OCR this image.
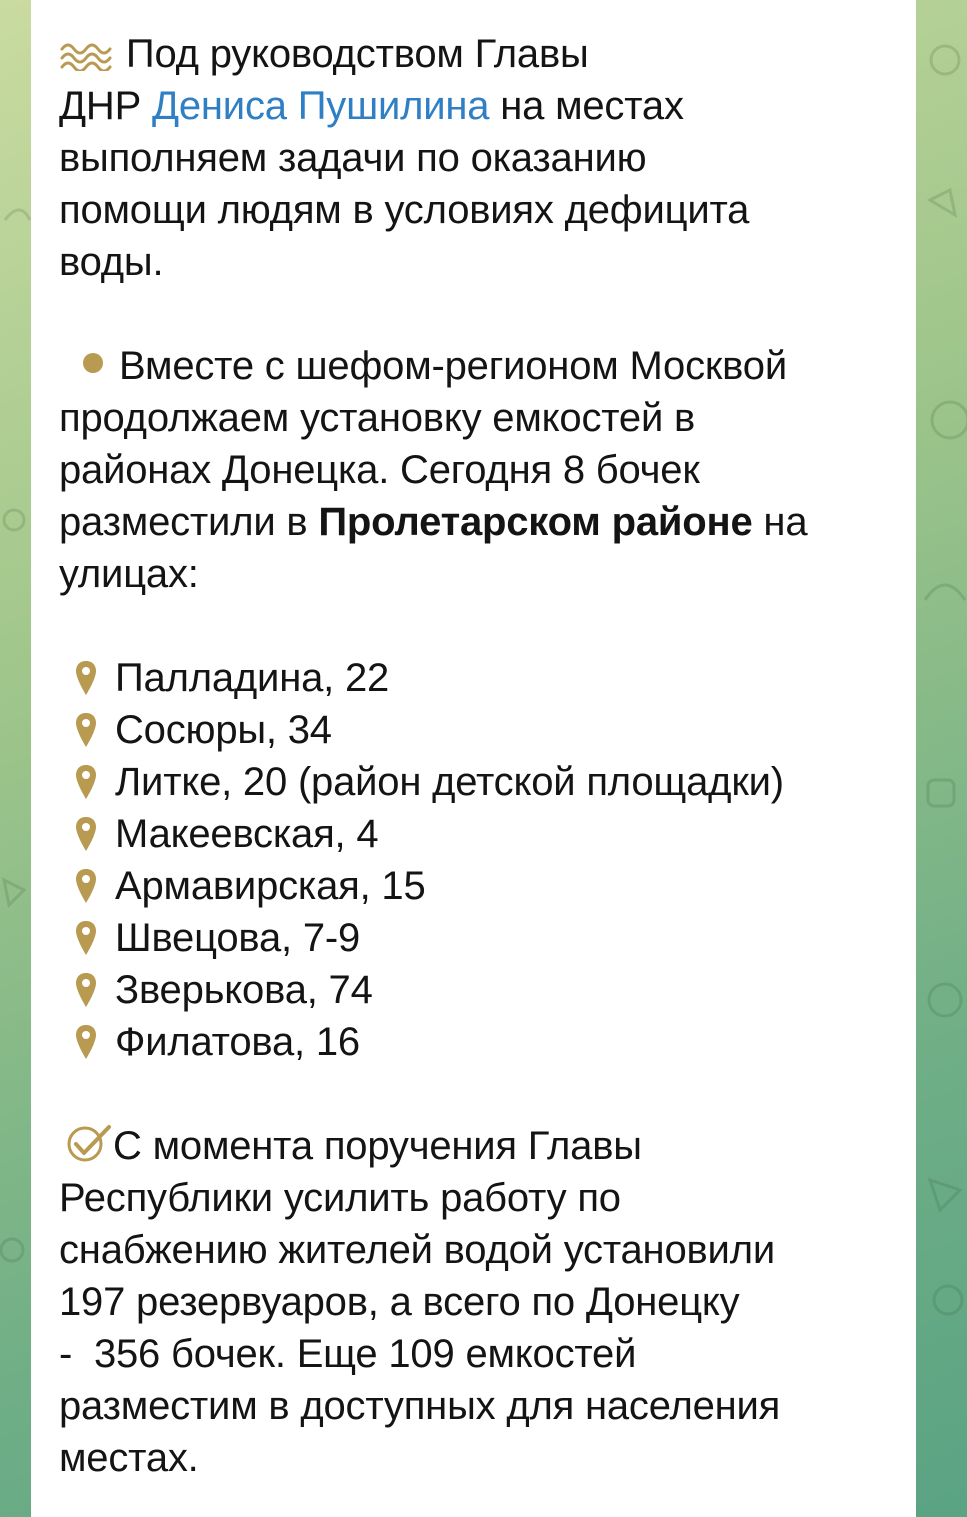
Под руководством Главы
ДНР Дениса Пушилина на местах
выполняем задачи по оказанию
помощи людям в условиях дефицита
воды.

Вместе с шефом-регионом Москвой
продолжаем установку емкостей в
районах Донецка. Сегодня 8 бочек
разместили в Пролетарском районе на
улицах:

Палладина, 22
Сосюры, 34
Литке, 20 (район детской площадки)
Макеевская, 4
Армавирская, 15
Швецова, 7-9
Зверькова, 74
Филатова, 16

С момента поручения Главы
Республики усилить работу по
снабжению жителей водой установили
197 резервуаров, а всего по Донецку
-  356 бочек. Еще 109 емкостей
разместим в доступных для населения
местах.
